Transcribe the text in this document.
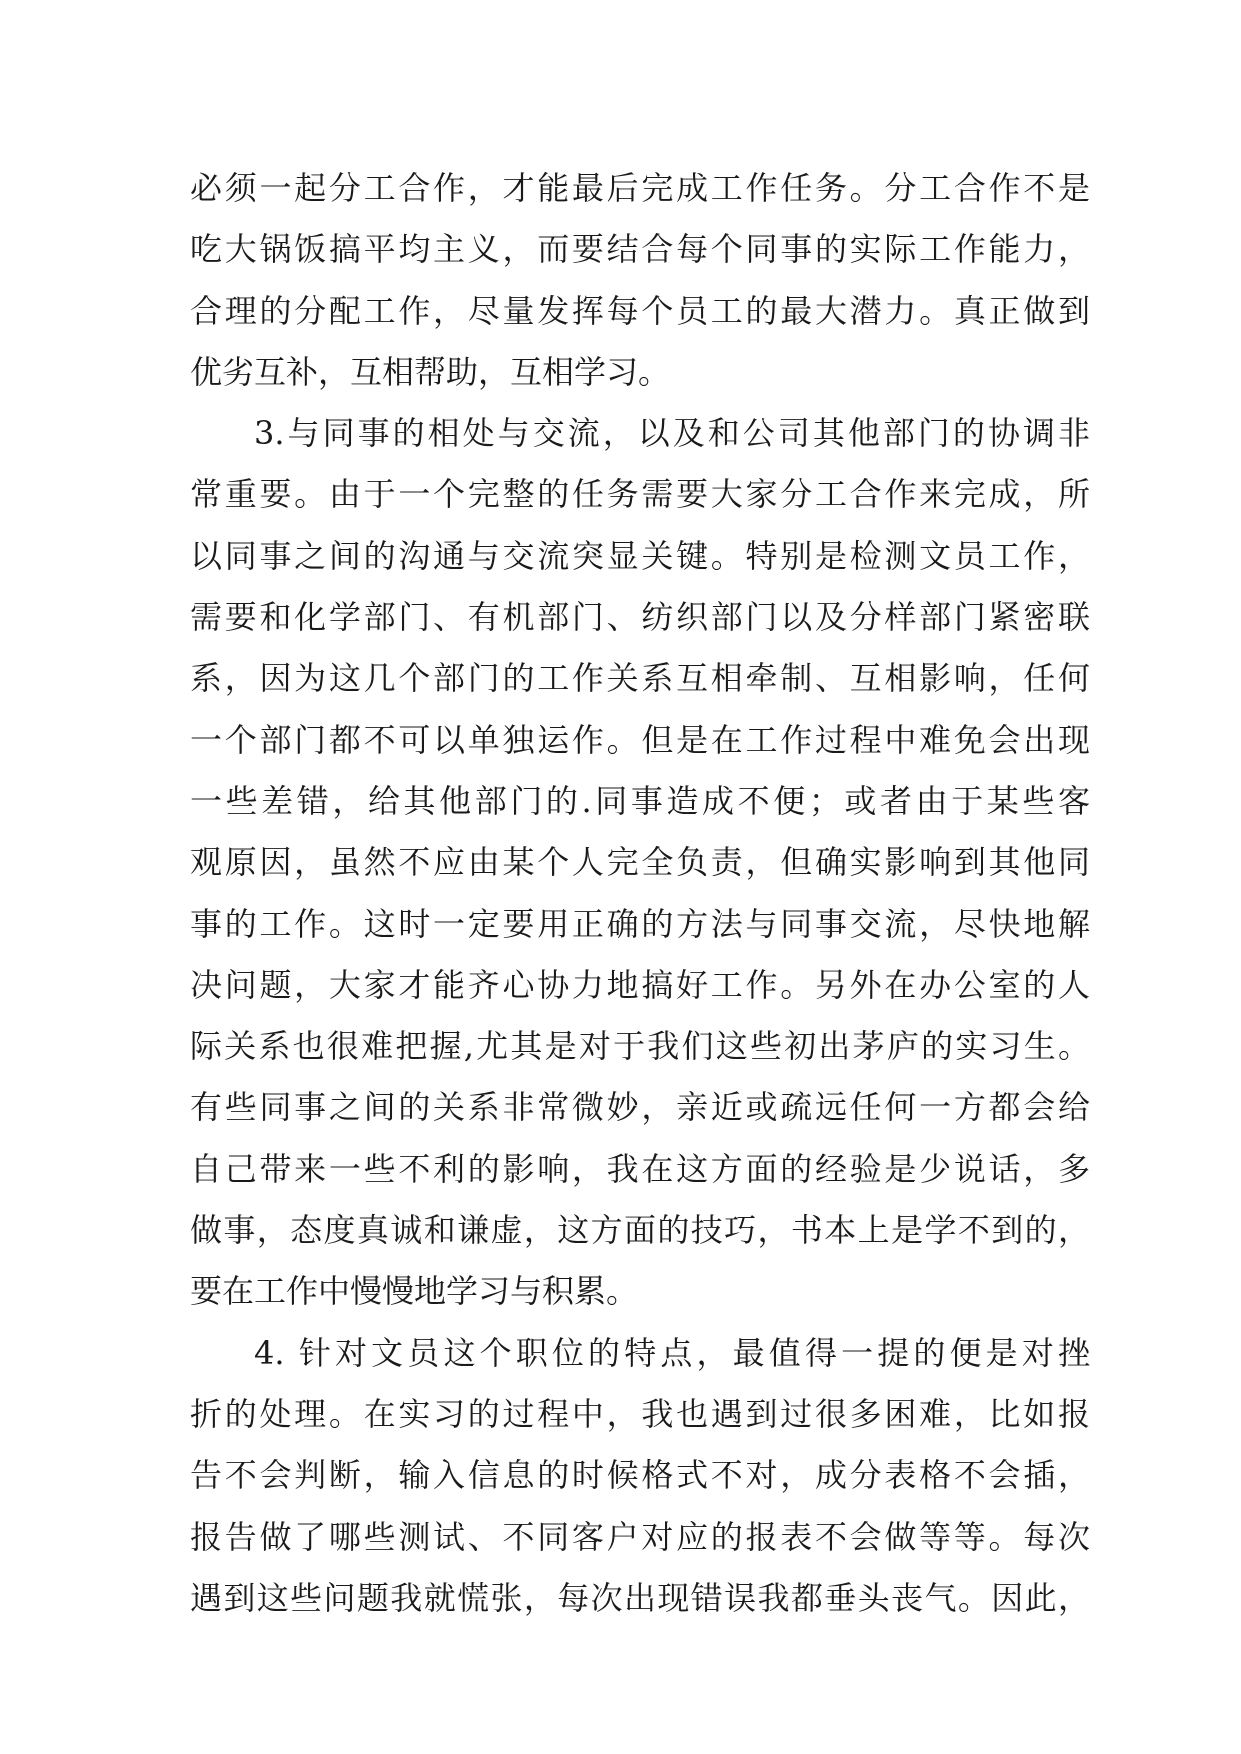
必须一起分工合作，才能最后完成工作任务。分工合作不是
吃大锅饭搞平均主义，而要结合每个同事的实际工作能力，
合理的分配工作，尽量发挥每个员工的最大潜力。真正做到
优劣互补，互相帮助，互相学习。
3.与同事的相处与交流，以及和公司其他部门的协调非
常重要。由于一个完整的任务需要大家分工合作来完成，所
以同事之间的沟通与交流突显关键。特别是检测文员工作，
需要和化学部门、有机部门、纺织部门以及分样部门紧密联
系，因为这几个部门的工作关系互相牵制、互相影响，任何
一个部门都不可以单独运作。但是在工作过程中难免会出现
一些差错，给其他部门的.同事造成不便；或者由于某些客
观原因，虽然不应由某个人完全负责，但确实影响到其他同
事的工作。这时一定要用正确的方法与同事交流，尽快地解
决问题，大家才能齐心协力地搞好工作。另外在办公室的人
际关系也很难把握,尤其是对于我们这些初出茅庐的实习生。
有些同事之间的关系非常微妙，亲近或疏远任何一方都会给
自己带来一些不利的影响，我在这方面的经验是少说话，多
做事，态度真诚和谦虚，这方面的技巧，书本上是学不到的，
要在工作中慢慢地学习与积累。
4. 针对文员这个职位的特点，最值得一提的便是对挫
折的处理。在实习的过程中，我也遇到过很多困难，比如报
告不会判断，输入信息的时候格式不对，成分表格不会插，
报告做了哪些测试、不同客户对应的报表不会做等等。每次
遇到这些问题我就慌张，每次出现错误我都垂头丧气。因此，
